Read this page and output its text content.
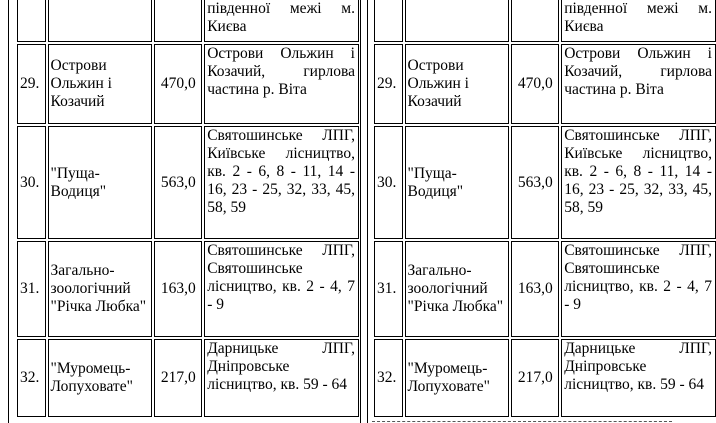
			південної межі м. Києва
29.	Острови Ольжин і Козачий	470,0	Острови Ольжин і Козачий, гирлова частина р. Віта
30.	"Пуща-Водиця"	563,0	Святошинське ЛПГ, Київське лісництво, кв. 2 - 6, 8 - 11, 14 - 16, 23 - 25, 32, 33, 45, 58, 59
31.	Загально-зоологічний "Річка Любка"	163,0	Святошинське ЛПГ, Святошинське лісництво, кв. 2 - 4, 7 - 9
32.	"Муромець-Лопуховате"	217,0	Дарницьке ЛПГ, Дніпровське лісництво, кв. 59 - 64
			південної межі м. Києва
29.	Острови Ольжин і Козачий	470,0	Острови Ольжин і Козачий, гирлова частина р. Віта
30.	"Пуща-Водиця"	563,0	Святошинське ЛПГ, Київське лісництво, кв. 2 - 6, 8 - 11, 14 - 16, 23 - 25, 32, 33, 45, 58, 59
31.	Загально-зоологічний "Річка Любка"	163,0	Святошинське ЛПГ, Святошинське лісництво, кв. 2 - 4, 7 - 9
32.	"Муромець-Лопуховате"	217,0	Дарницьке ЛПГ, Дніпровське лісництво, кв. 59 - 64
